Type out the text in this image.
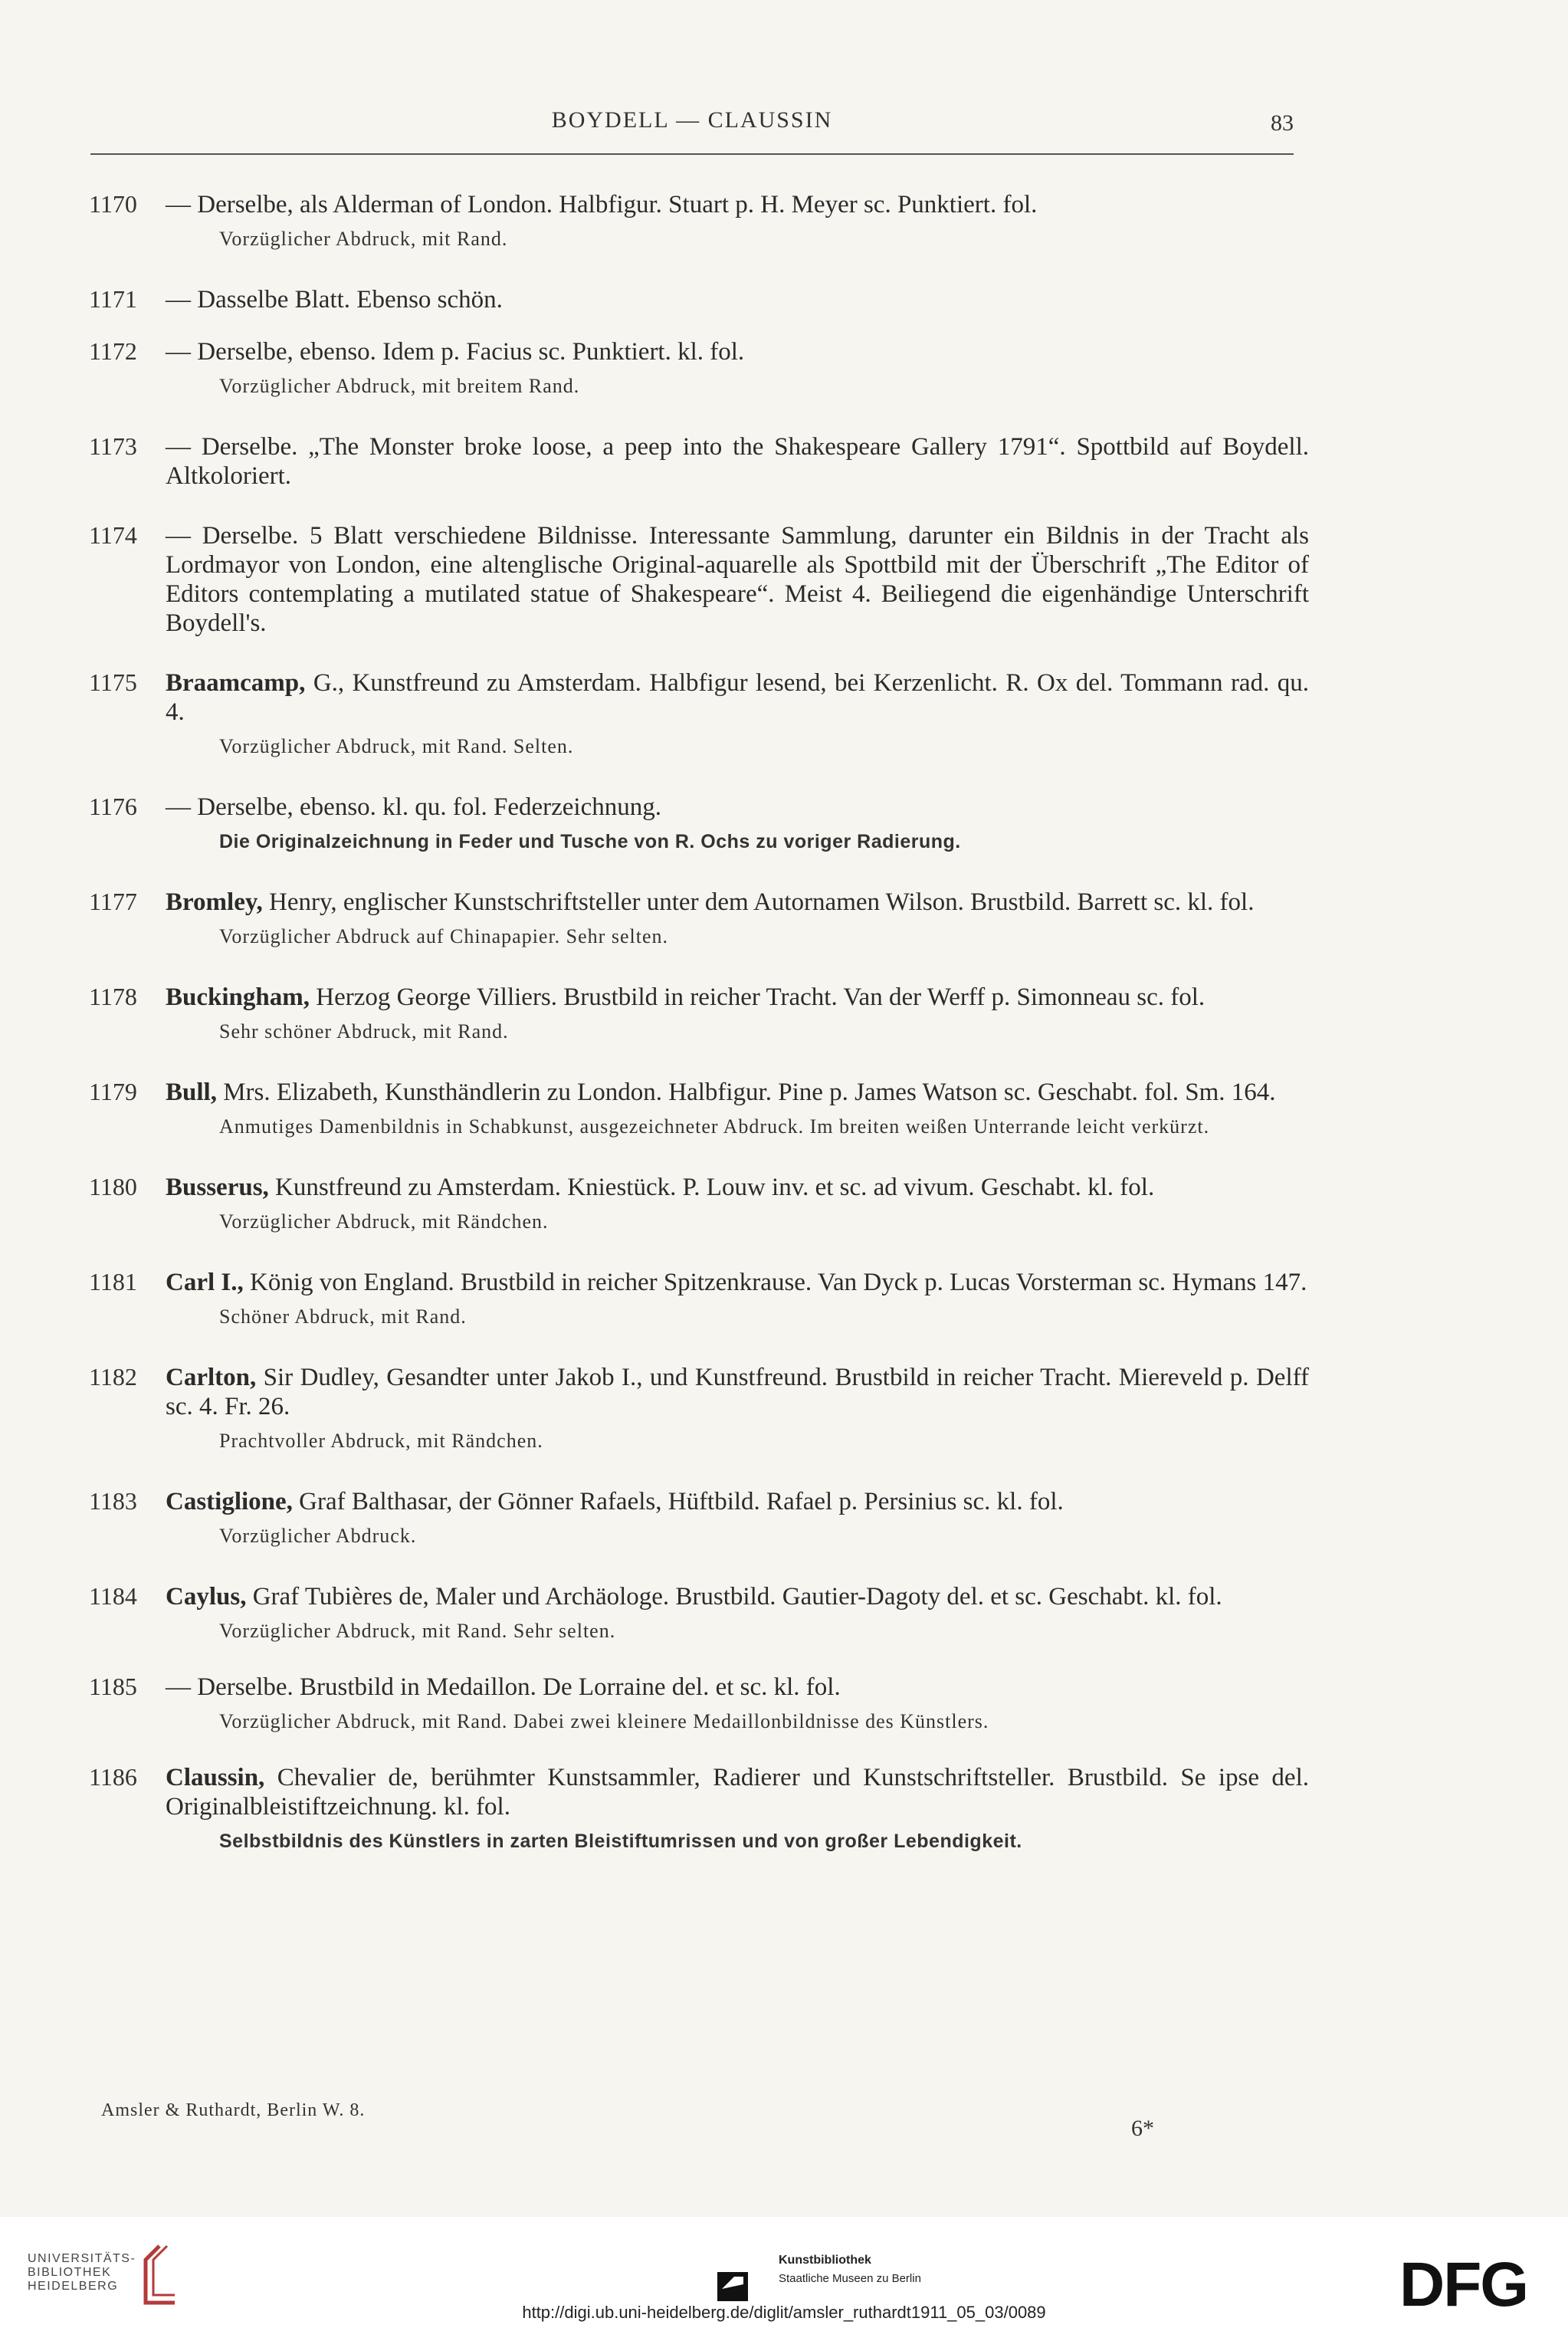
BOYDELL — CLAUSSIN	83
1170	— Derselbe, als Alderman of London. Halbfigur. Stuart p. H. Meyer sc. Punktiert. fol.
Vorzüglicher Abdruck, mit Rand.
1171	— Dasselbe Blatt. Ebenso schön.
1172	— Derselbe, ebenso. Idem p. Facius sc. Punktiert. kl. fol.
Vorzüglicher Abdruck, mit breitem Rand.
1173	— Derselbe. „The Monster broke loose, a peep into the Shakespeare Gallery 1791“. Spottbild auf Boydell. Altkoloriert.
1174	— Derselbe. 5 Blatt verschiedene Bildnisse. Interessante Sammlung, darunter ein Bildnis in der Tracht als Lordmayor von London, eine altenglische Original-aquarelle als Spottbild mit der Überschrift „The Editor of Editors contemplating a mutilated statue of Shakespeare“. Meist 4. Beiliegend die eigenhändige Unterschrift Boydell's.
1175	Braamcamp, G., Kunstfreund zu Amsterdam. Halbfigur lesend, bei Kerzenlicht. R. Ox del. Tommann rad. qu. 4.
Vorzüglicher Abdruck, mit Rand. Selten.
1176	— Derselbe, ebenso. kl. qu. fol. Federzeichnung.
Die Originalzeichnung in Feder und Tusche von R. Ochs zu voriger Radierung.
1177	Bromley, Henry, englischer Kunstschriftsteller unter dem Autornamen Wilson. Brustbild. Barrett sc. kl. fol.
Vorzüglicher Abdruck auf Chinapapier. Sehr selten.
1178	Buckingham, Herzog George Villiers. Brustbild in reicher Tracht. Van der Werff p. Simonneau sc. fol.
Sehr schöner Abdruck, mit Rand.
1179	Bull, Mrs. Elizabeth, Kunsthändlerin zu London. Halbfigur. Pine p. James Watson sc. Geschabt. fol. Sm. 164.
Anmutiges Damenbildnis in Schabkunst, ausgezeichneter Abdruck. Im breiten weißen Unterrande leicht verkürzt.
1180	Busserus, Kunstfreund zu Amsterdam. Kniestück. P. Louw inv. et sc. ad vivum. Geschabt. kl. fol.
Vorzüglicher Abdruck, mit Rändchen.
1181	Carl I., König von England. Brustbild in reicher Spitzenkrause. Van Dyck p. Lucas Vorsterman sc. Hymans 147.
Schöner Abdruck, mit Rand.
1182	Carlton, Sir Dudley, Gesandter unter Jakob I., und Kunstfreund. Brustbild in reicher Tracht. Miereveld p. Delff sc. 4. Fr. 26.
Prachtvoller Abdruck, mit Rändchen.
1183	Castiglione, Graf Balthasar, der Gönner Rafaels, Hüftbild. Rafael p. Persinius sc. kl. fol.
Vorzüglicher Abdruck.
1184	Caylus, Graf Tubières de, Maler und Archäologe. Brustbild. Gautier-Dagoty del. et sc. Geschabt. kl. fol.
Vorzüglicher Abdruck, mit Rand. Sehr selten.
1185	— Derselbe. Brustbild in Medaillon. De Lorraine del. et sc. kl. fol.
Vorzüglicher Abdruck, mit Rand. Dabei zwei kleinere Medaillonbildnisse des Künstlers.
1186	Claussin, Chevalier de, berühmter Kunstsammler, Radierer und Kunstschriftsteller. Brustbild. Se ipse del. Originalbleistiftzeichnung. kl. fol.
Selbstbildnis des Künstlers in zarten Bleistiftumrissen und von großer Lebendigkeit.
Amsler & Ruthardt, Berlin W. 8.
6*
UNIVERSITÄTS-
BIBLIOTHEK
HEIDELBERG
Kunstbibliothek
Staatliche Museen zu Berlin	DFG
http://digi.ub.uni-heidelberg.de/diglit/amsler_ruthardt1911_05_03/0089
